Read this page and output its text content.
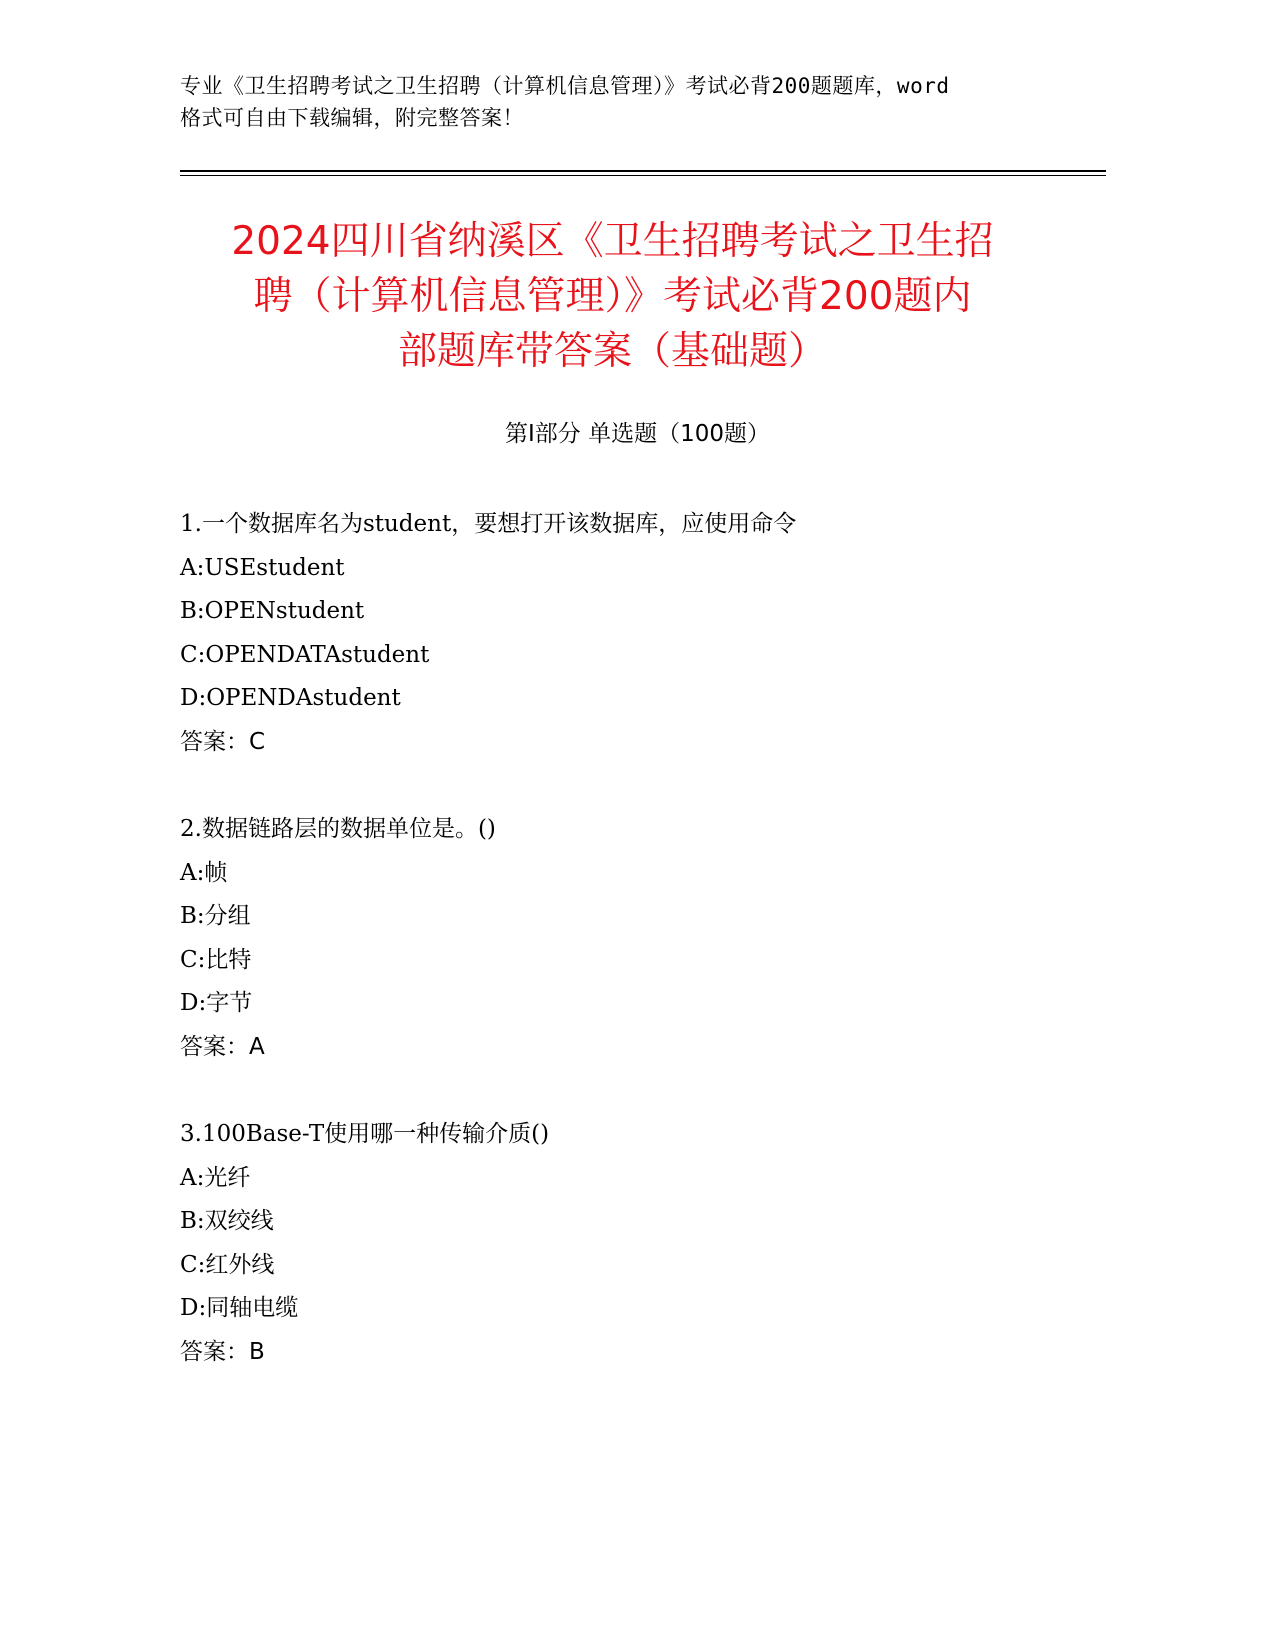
专业《卫生招聘考试之卫生招聘（计算机信息管理）》考试必背200题题库，word
格式可自由下载编辑，附完整答案！
2024四川省纳溪区《卫生招聘考试之卫生招
聘（计算机信息管理）》考试必背200题内
部题库带答案（基础题）
第Ⅰ部分 单选题（100题）
1.一个数据库名为student，要想打开该数据库，应使用命令
A:USEstudent
B:OPENstudent
C:OPENDATAstudent
D:OPENDAstudent
答案：C
2.数据链路层的数据单位是。()
A:帧
B:分组
C:比特
D:字节
答案：A
3.100Base-T使用哪一种传输介质()
A:光纤
B:双绞线
C:红外线
D:同轴电缆
答案：B
